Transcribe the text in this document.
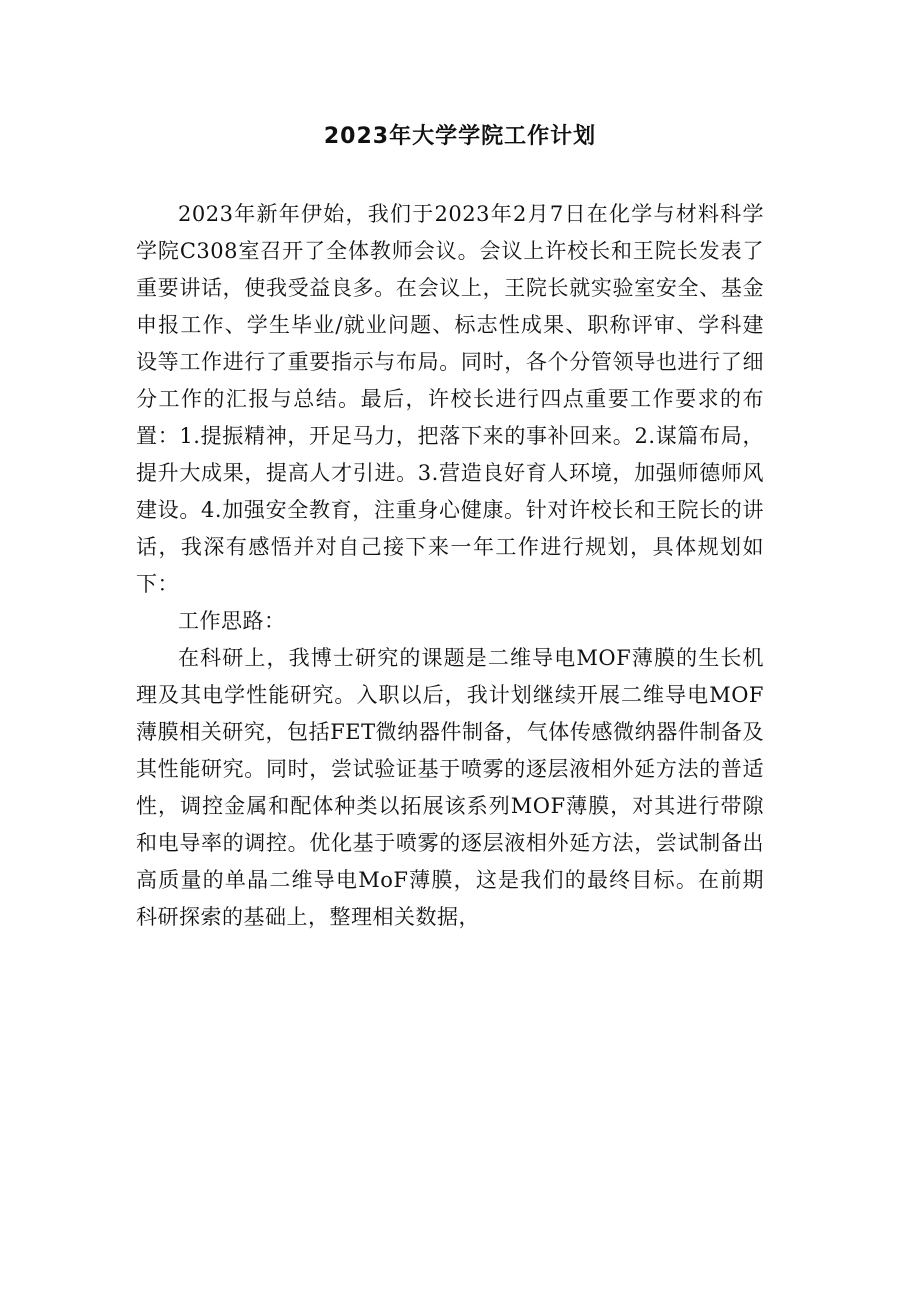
2023年大学学院工作计划

2023年新年伊始，我们于2023年2月7日在化学与材料科学学院C308室召开了全体教师会议。会议上许校长和王院长发表了重要讲话，使我受益良多。在会议上，王院长就实验室安全、基金申报工作、学生毕业/就业问题、标志性成果、职称评审、学科建设等工作进行了重要指示与布局。同时，各个分管领导也进行了细分工作的汇报与总结。最后，许校长进行四点重要工作要求的布置：1.提振精神，开足马力，把落下来的事补回来。2.谋篇布局，提升大成果，提高人才引进。3.营造良好育人环境，加强师德师风建设。4.加强安全教育，注重身心健康。针对许校长和王院长的讲话，我深有感悟并对自己接下来一年工作进行规划，具体规划如下：

工作思路：

在科研上，我博士研究的课题是二维导电MOF薄膜的生长机理及其电学性能研究。入职以后，我计划继续开展二维导电MOF薄膜相关研究，包括FET微纳器件制备，气体传感微纳器件制备及其性能研究。同时，尝试验证基于喷雾的逐层液相外延方法的普适性，调控金属和配体种类以拓展该系列MOF薄膜，对其进行带隙和电导率的调控。优化基于喷雾的逐层液相外延方法，尝试制备出高质量的单晶二维导电MoF薄膜，这是我们的最终目标。在前期科研探索的基础上，整理相关数据，
